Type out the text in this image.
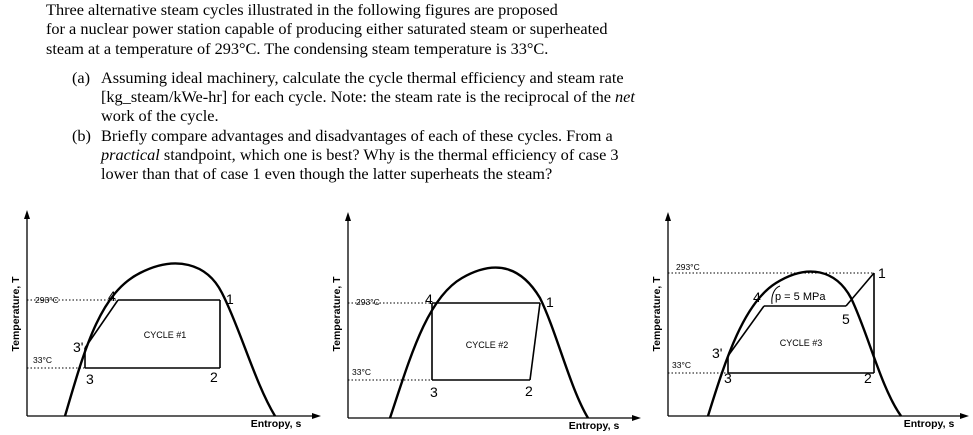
Three alternative steam cycles illustrated in the following figures are proposed

for a nuclear power station capable of producing either saturated steam or superheated

steam at a temperature of 293°C. The condensing steam temperature is 33°C.

(a) Assuming ideal machinery, calculate the cycle thermal efficiency and steam rate

[kg_steam/kWe-hr] for each cycle. Note: the steam rate is the reciprocal of the net

work of the cycle.

(b) Briefly compare advantages and disadvantages of each of these cycles. From a

practical standpoint, which one is best? Why is the thermal efficiency of case 3

lower than that of case 1 even though the latter superheats the steam?

Temperature, T
Entropy, s
293°C
33°C
CYCLE #1
4	1
3'
3	2
Temperature, T
Entropy, s
293°C
33°C
CYCLE #2
4	1
3	2
Temperature, T
Entropy, s
293°C
33°C
p = 5 MPa
CYCLE #3
1
4
5
3'
3	2
